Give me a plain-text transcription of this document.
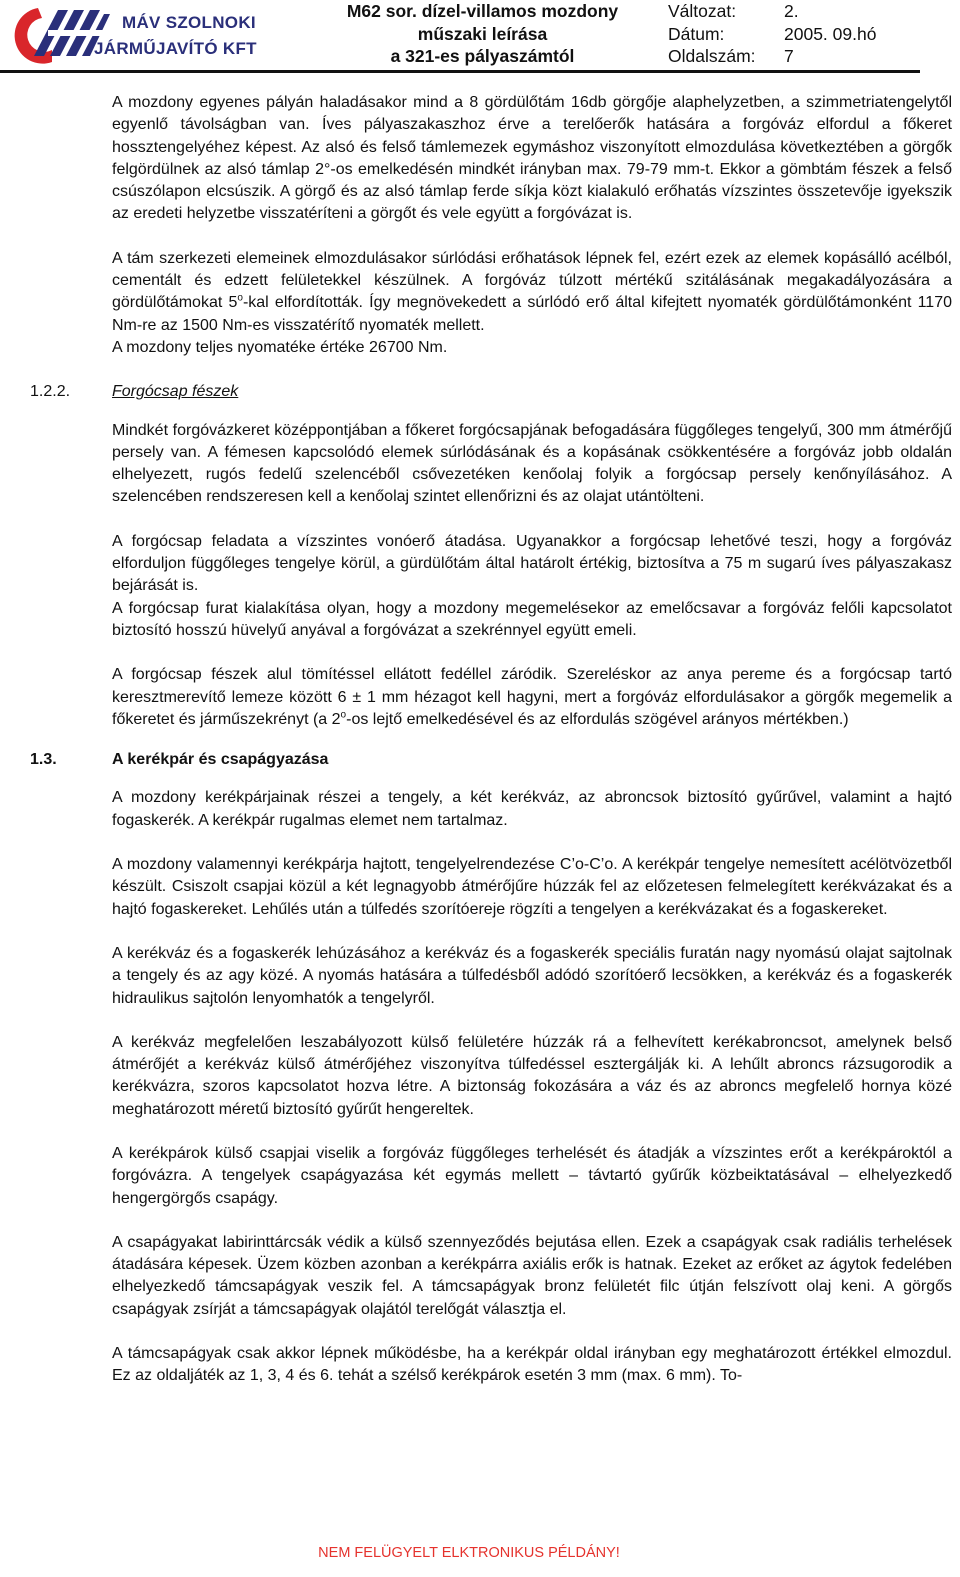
MÁV SZOLNOKI
JÁRMŰJAVÍTÓ KFT
M62 sor. dízel-villamos mozdony
műszaki leírása
a 321-es pályaszámtól
Változat:	2.
Dátum:	2005. 09.hó
Oldalszám:	7

A mozdony egyenes pályán haladásakor mind a 8 gördülőtám 16db görgője alaphelyzetben, a szimmetriatengelytől egyenlő távolságban van. Íves pályaszakaszhoz érve a terelőerők hatására a forgóváz elfordul a főkeret hossztengelyéhez képest. Az alsó és felső támlemezek egymáshoz viszonyított elmozdulása következtében a görgők felgördülnek az alsó támlap 2°-os emelkedésén mindkét irányban max. 79-79 mm-t. Ekkor a gömbtám fészek a felső csúszólapon elcsúszik. A görgő és az alsó támlap ferde síkja közt kialakuló erőhatás vízszintes összetevője igyekszik az eredeti helyzetbe visszatéríteni a görgőt és vele együtt a forgóvázat is.

A tám szerkezeti elemeinek elmozdulásakor súrlódási erőhatások lépnek fel, ezért ezek az elemek kopásálló acélból, cementált és edzett felületekkel készülnek. A forgóváz túlzott mértékű szitálásának megakadályozására a gördülőtámokat 5$^o$-kal elfordították. Így megnövekedett a súrlódó erő által kifejtett nyomaték gördülőtámonként 1170 Nm-re az 1500 Nm-es visszatérítő nyomaték mellett.

A mozdony teljes nyomatéke értéke 26700 Nm.

1.2.2.	Forgócsap fészek

Mindkét forgóvázkeret középpontjában a főkeret forgócsapjának befogadására függőleges tengelyű, 300 mm átmérőjű persely van. A fémesen kapcsolódó elemek súrlódásának és a kopásának csökkentésére a forgóváz jobb oldalán elhelyezett, rugós fedelű szelencéből csővezetéken kenőolaj folyik a forgócsap persely kenőnyílásához. A szelencében rendszeresen kell a kenőolaj szintet ellenőrizni és az olajat utántölteni.

A forgócsap feladata a vízszintes vonóerő átadása. Ugyanakkor a forgócsap lehetővé teszi, hogy a forgóváz elforduljon függőleges tengelye körül, a gürdülőtám által határolt értékig, biztosítva a 75 m sugarú íves pályaszakasz bejárását is.

A forgócsap furat kialakítása olyan, hogy a mozdony megemelésekor az emelőcsavar a forgóváz felőli kapcsolatot biztosító hosszú hüvelyű anyával a forgóvázat a szekrénnyel együtt emeli.

A forgócsap fészek alul tömítéssel ellátott fedéllel záródik. Szereléskor az anya pereme és a forgócsap tartó keresztmerevítő lemeze között 6 ± 1 mm hézagot kell hagyni, mert a forgóváz elfordulásakor a görgők megemelik a főkeretet és járműszekrényt (a 2$^o$-os lejtő emelkedésével és az elfordulás szögével arányos mértékben.)

1.3.	A kerékpár és csapágyazása

A mozdony kerékpárjainak részei a tengely, a két kerékváz, az abroncsok biztosító gyűrűvel, valamint a hajtó fogaskerék. A kerékpár rugalmas elemet nem tartalmaz.

A mozdony valamennyi kerékpárja hajtott, tengelyelrendezése C’o-C’o. A kerékpár tengelye nemesített acélötvözetből készült. Csiszolt csapjai közül a két legnagyobb átmérőjűre húzzák fel az előzetesen felmelegített kerékvázakat és a hajtó fogaskereket. Lehűlés után a túlfedés szorítóereje rögzíti a tengelyen a kerékvázakat és a fogaskereket.

A kerékváz és a fogaskerék lehúzásához a kerékváz és a fogaskerék speciális furatán nagy nyomású olajat sajtolnak a tengely és az agy közé. A nyomás hatására a túlfedésből adódó szorítóerő lecsökken, a kerékváz és a fogaskerék hidraulikus sajtolón lenyomhatók a tengelyről.

A kerékváz megfelelően leszabályozott külső felületére húzzák rá a felhevített kerékabroncsot, amelynek belső átmérőjét a kerékváz külső átmérőjéhez viszonyítva túlfedéssel esztergálják ki. A lehűlt abroncs rázsugorodik a kerékvázra, szoros kapcsolatot hozva létre. A biztonság fokozására a váz és az abroncs megfelelő hornya közé meghatározott méretű biztosító gyűrűt hengereltek.

A kerékpárok külső csapjai viselik a forgóváz függőleges terhelését és átadják a vízszintes erőt a kerékpároktól a forgóvázra. A tengelyek csapágyazása két egymás mellett – távtartó gyűrűk közbeiktatásával – elhelyezkedő hengergörgős csapágy.

A csapágyakat labirinttárcsák védik a külső szennyeződés bejutása ellen. Ezek a csapágyak csak radiális terhelések átadására képesek. Üzem közben azonban a kerékpárra axiális erők is hatnak. Ezeket az erőket az ágytok fedelében elhelyezkedő támcsapágyak veszik fel. A támcsapágyak bronz felületét filc útján felszívott olaj keni. A görgős csapágyak zsírját a támcsapágyak olajától terelőgát választja el.

A támcsapágyak csak akkor lépnek működésbe, ha a kerékpár oldal irányban egy meghatározott értékkel elmozdul. Ez az oldaljáték az 1, 3, 4 és 6. tehát a szélső kerékpárok esetén 3 mm (max. 6 mm). To-

NEM FELÜGYELT ELKTRONIKUS PÉLDÁNY!
